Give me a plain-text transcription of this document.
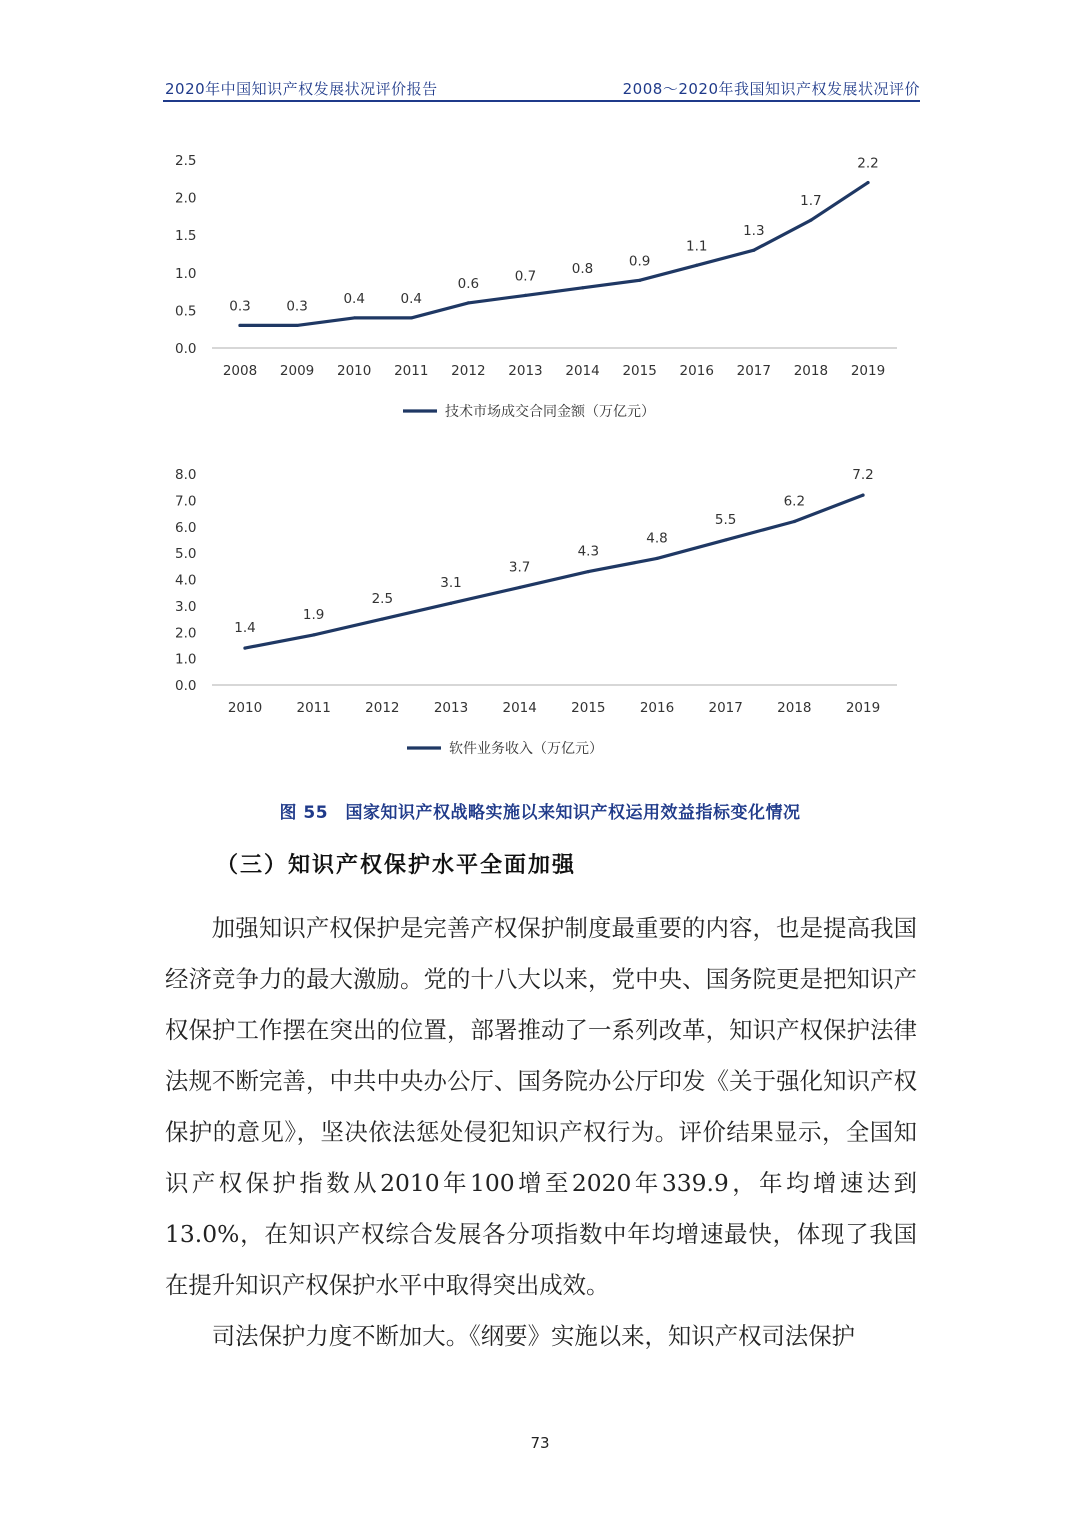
2020年中国知识产权发展状况评价报告	2008～2020年我国知识产权发展状况评价
0.0
0.5
1.0
1.5
2.0
2.5
2008 2009 2010 2011 2012 2013 2014 2015 2016 2017 2018 2019
0.3	0.3	0.4	0.4
0.6	0.7	0.8	0.9
1.1
1.3
1.7
2.2
技术市场成交合同金额（万亿元）
0.0
1.0
2.0
3.0
4.0
5.0
6.0
7.0
8.0
2010	2011	2012	2013	2014	2015	2016	2017	2018	2019
1.4
1.9
2.5
3.1
3.7
4.3
4.8
5.5
6.2
7.2
软件业务收入（万亿元）
图 55　国家知识产权战略实施以来知识产权运用效益指标变化情况
（三）知识产权保护水平全面加强

加强知识产权保护是完善产权保护制度最重要的内容，也是提高我国经济竞争力的最大激励。党的十八大以来，党中央、国务院更是把知识产权保护工作摆在突出的位置，部署推动了一系列改革，知识产权保护法律法规不断完善，中共中央办公厅、国务院办公厅印发《关于强化知识产权保护的意见》，坚决依法惩处侵犯知识产权行为。评价结果显示，全国知识产权保护指数从2010年100增至2020年339.9，年均增速达到13.0%，在知识产权综合发展各分项指数中年均增速最快，体现了我国在提升知识产权保护水平中取得突出成效。

司法保护力度不断加大。《纲要》实施以来，知识产权司法保护

73
